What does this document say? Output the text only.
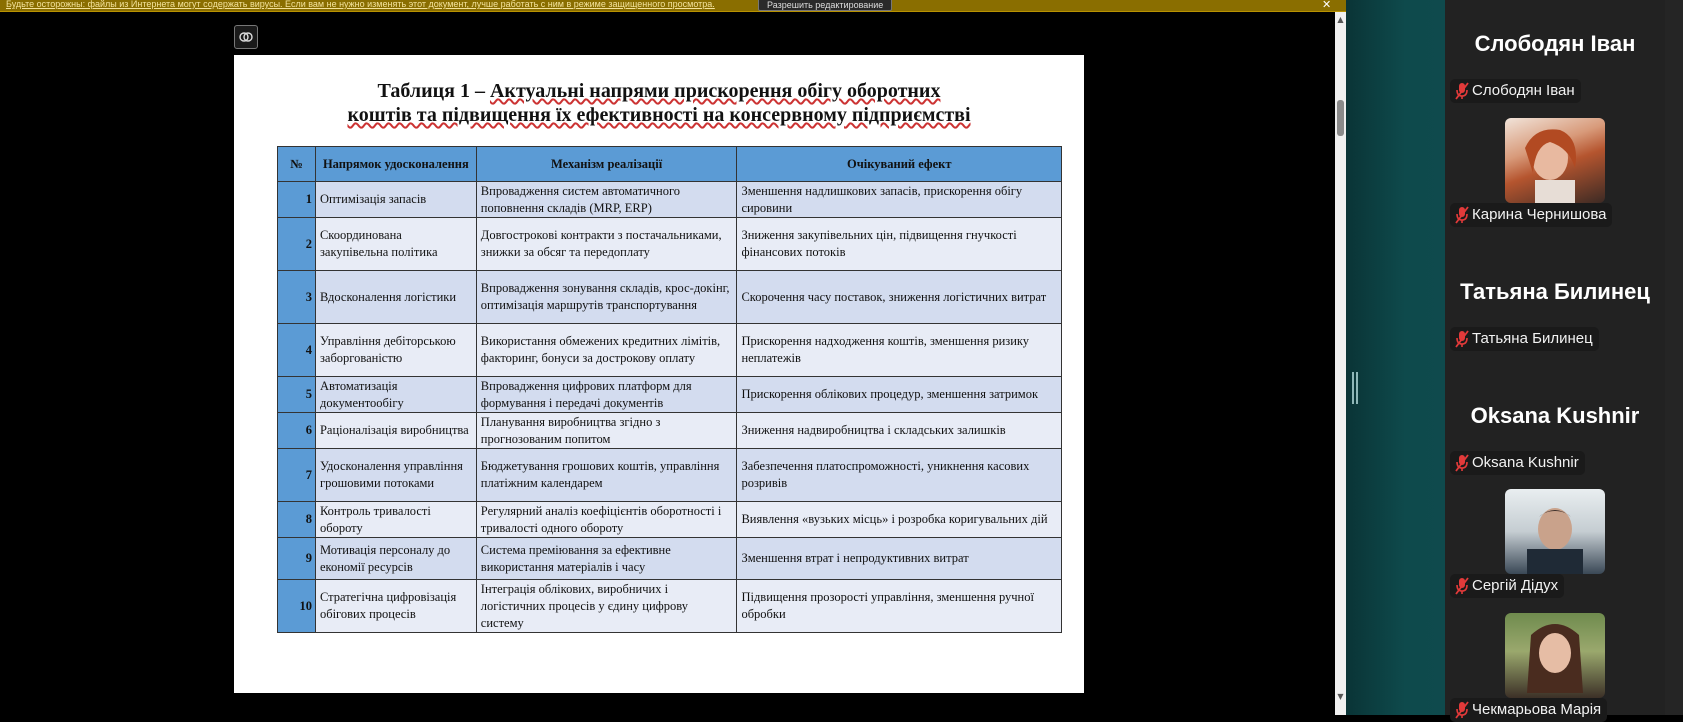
Будьте осторожны: файлы из Интернета могут содержать вирусы. Если вам не нужно изменять этот документ, лучше работать с ним в режиме защищенного просмотра.	Разрешить редактирование	✕
Таблиця 1 – Актуальні напрями прискорення обігу оборотних
коштів та підвищення їх ефективності на консервному підприємстві
№	Напрямок удосконалення	Механізм реалізації	Очікуваний ефект
1	Оптимізація запасів	Впровадження систем автоматичного поповнення складів (MRP, ERP)	Зменшення надлишкових запасів, прискорення обігу сировини
2	Скоординована закупівельна політика	Довгострокові контракти з постачальниками, знижки за обсяг та передоплату	Зниження закупівельних цін, підвищення гнучкості фінансових потоків
3	Вдосконалення логістики	Впровадження зонування складів, крос-докінг, оптимізація маршрутів транспортування	Скорочення часу поставок, зниження логістичних витрат
4	Управління дебіторською заборгованістю	Використання обмежених кредитних лімітів, факторинг, бонуси за дострокову оплату	Прискорення надходження коштів, зменшення ризику неплатежів
5	Автоматизація документообігу	Впровадження цифрових платформ для формування і передачі документів	Прискорення облікових процедур, зменшення затримок
6	Раціоналізація виробництва	Планування виробництва згідно з прогнозованим попитом	Зниження надвиробництва і складських залишків
7	Удосконалення управління грошовими потоками	Бюджетування грошових коштів, управління платіжним календарем	Забезпечення платоспроможності, уникнення касових розривів
8	Контроль тривалості обороту	Регулярний аналіз коефіцієнтів оборотності і тривалості одного обороту	Виявлення «вузьких місць» і розробка коригувальних дій
9	Мотивація персоналу до економії ресурсів	Система преміювання за ефективне використання матеріалів і часу	Зменшення втрат і непродуктивних витрат
10	Стратегічна цифровізація обігових процесів	Інтеграція облікових, виробничих і логістичних процесів у єдину цифрову систему	Підвищення прозорості управління, зменшення ручної обробки
▲
▼
Слободян Іван
Слободян Іван
Карина Чернишова
Татьяна Билинец
Татьяна Билинец
Oksana Kushnir
Oksana Kushnir
Сергій Дідух
Чекмарьова Марія
